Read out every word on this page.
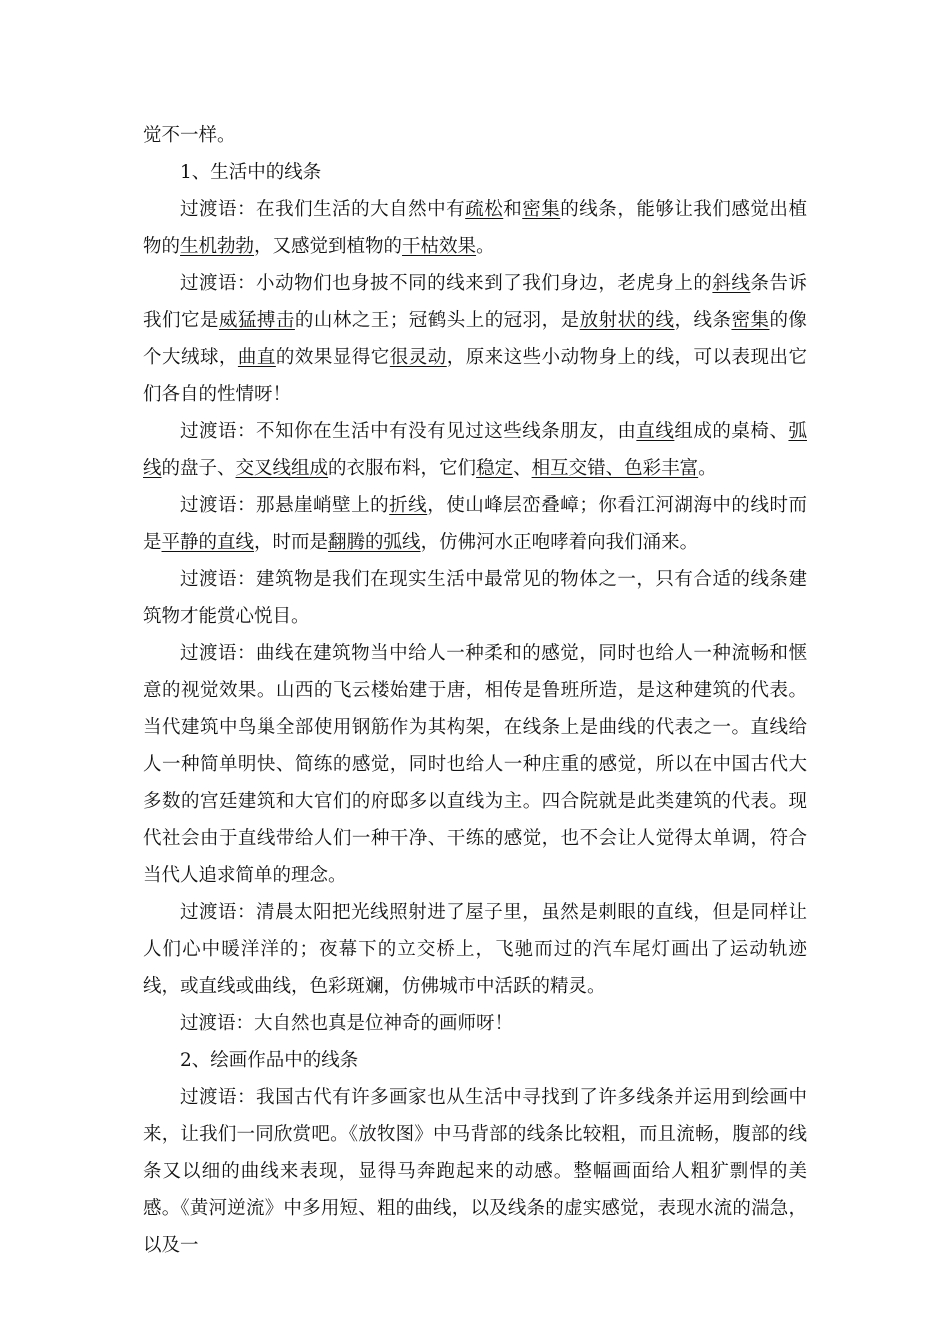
觉不一样。

1、生活中的线条

过渡语：在我们生活的大自然中有疏松和密集的线条，能够让我们感觉出植物的生机勃勃，又感觉到植物的干枯效果。

过渡语：小动物们也身披不同的线来到了我们身边，老虎身上的斜线条告诉我们它是威猛搏击的山林之王；冠鹤头上的冠羽，是放射状的线，线条密集的像个大绒球，曲直的效果显得它很灵动，原来这些小动物身上的线，可以表现出它们各自的性情呀！

过渡语：不知你在生活中有没有见过这些线条朋友，由直线组成的桌椅、弧线的盘子、交叉线组成的衣服布料，它们稳定、相互交错、色彩丰富。

过渡语：那悬崖峭壁上的折线，使山峰层峦叠嶂；你看江河湖海中的线时而是平静的直线，时而是翻腾的弧线，仿佛河水正咆哮着向我们涌来。

过渡语：建筑物是我们在现实生活中最常见的物体之一，只有合适的线条建筑物才能赏心悦目。

过渡语：曲线在建筑物当中给人一种柔和的感觉，同时也给人一种流畅和惬意的视觉效果。山西的飞云楼始建于唐，相传是鲁班所造，是这种建筑的代表。当代建筑中鸟巢全部使用钢筋作为其构架，在线条上是曲线的代表之一。直线给人一种简单明快、简练的感觉，同时也给人一种庄重的感觉，所以在中国古代大多数的宫廷建筑和大官们的府邸多以直线为主。四合院就是此类建筑的代表。现代社会由于直线带给人们一种干净、干练的感觉，也不会让人觉得太单调，符合当代人追求简单的理念。

过渡语：清晨太阳把光线照射进了屋子里，虽然是刺眼的直线，但是同样让人们心中暖洋洋的；夜幕下的立交桥上，飞驰而过的汽车尾灯画出了运动轨迹线，或直线或曲线，色彩斑斓，仿佛城市中活跃的精灵。

过渡语：大自然也真是位神奇的画师呀！

2、绘画作品中的线条

过渡语：我国古代有许多画家也从生活中寻找到了许多线条并运用到绘画中来，让我们一同欣赏吧。《放牧图》中马背部的线条比较粗，而且流畅，腹部的线条又以细的曲线来表现，显得马奔跑起来的动感。整幅画面给人粗犷剽悍的美感。《黄河逆流》中多用短、粗的曲线，以及线条的虚实感觉，表现水流的湍急，以及一
